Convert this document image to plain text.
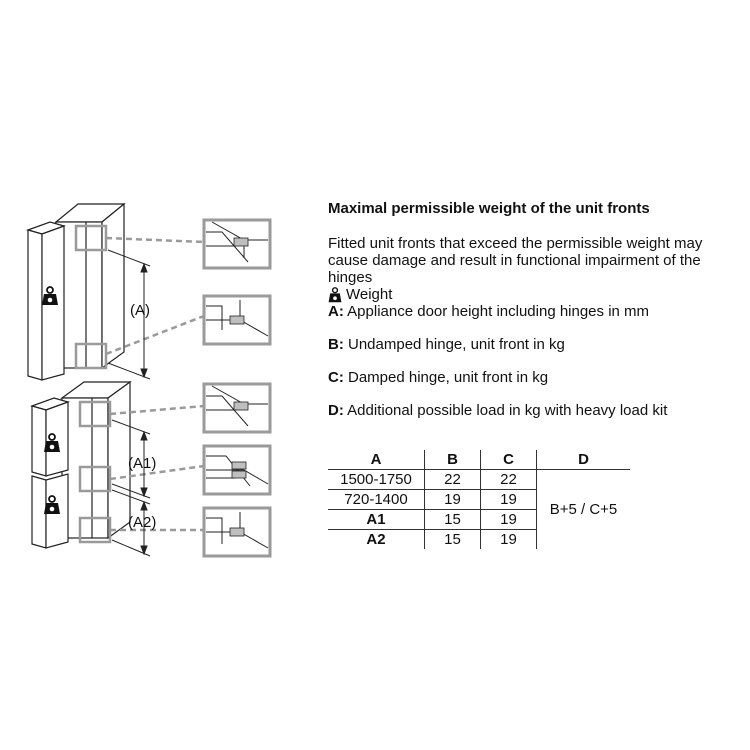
(A)
(A1)
(A2)

Maximal permissible weight of the unit fronts

Fitted unit fronts that exceed the permissible weight may cause damage and result in functional impairment of the hinges

Weight

A: Appliance door height including hinges in mm

B: Undamped hinge, unit front in kg

C: Damped hinge, unit front in kg

D: Additional possible load in kg with heavy load kit

A	B	C	D
1500-1750	22	22	B+5 / C+5
720-1400	19	19	
A1	15	19	
A2	15	19	
